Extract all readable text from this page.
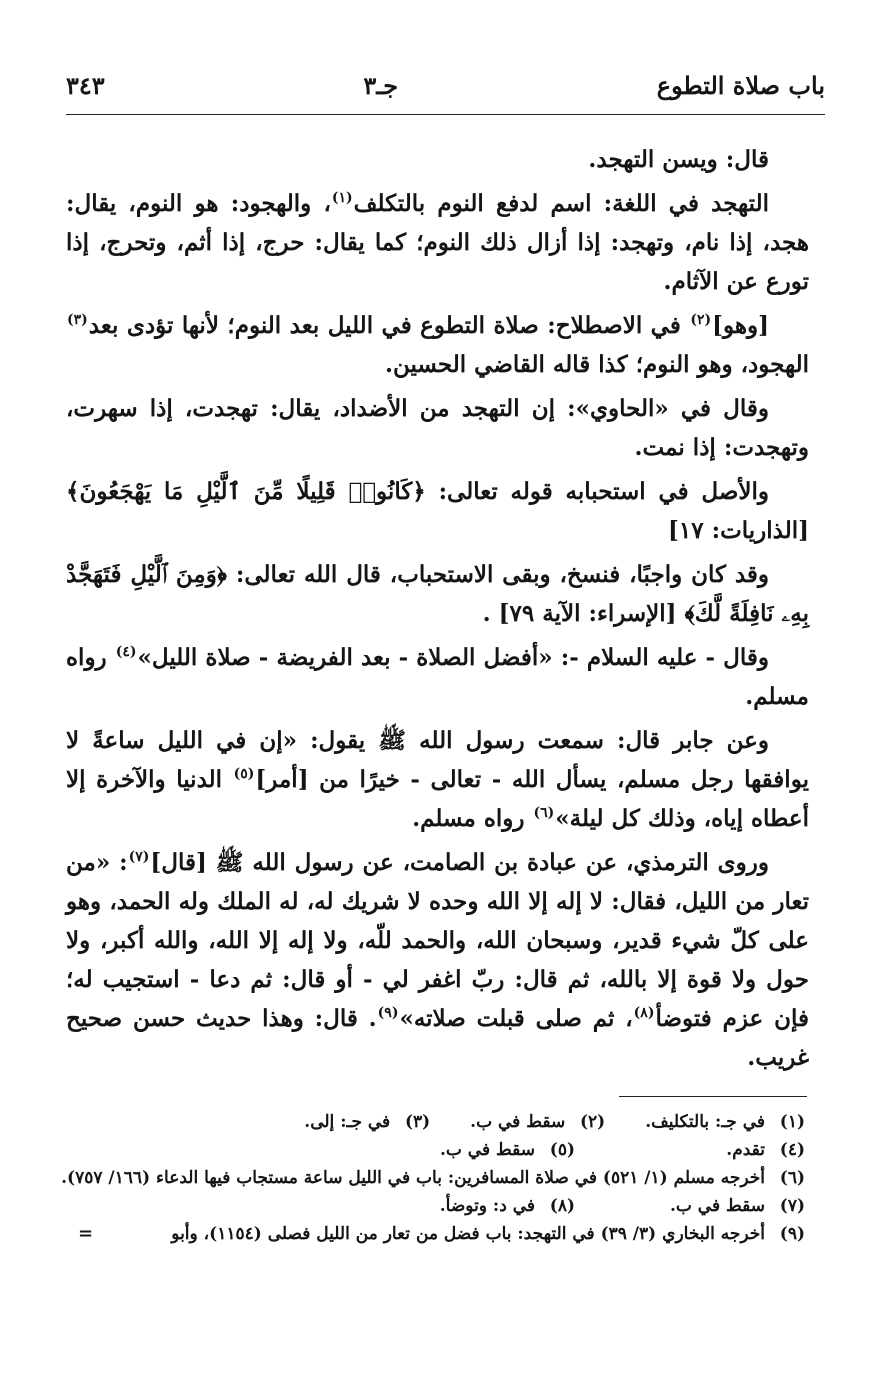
باب صلاة التطوع
جـ٣
٣٤٣

قال: ويسن التهجد.

التهجد في اللغة: اسم لدفع النوم بالتكلف$^{(١)}$، والهجود: هو النوم، يقال: هجد، إذا نام، وتهجد: إذا أزال ذلك النوم؛ كما يقال: حرج، إذا أثم، وتحرج، إذا تورع عن الآثام.

[وهو]$^{(٢)}$ في الاصطلاح: صلاة التطوع في الليل بعد النوم؛ لأنها تؤدى بعد$^{(٣)}$ الهجود، وهو النوم؛ كذا قاله القاضي الحسين.

وقال في «الحاوي»: إن التهجد من الأضداد، يقال: تهجدت، إذا سهرت، وتهجدت: إذا نمت.

والأصل في استحبابه قوله تعالى: ﴿كَانُوا۟ قَلِيلًا مِّنَ ٱلَّيْلِ مَا يَهْجَعُونَ﴾ [الذاريات: ١٧]

وقد كان واجبًا، فنسخ، وبقى الاستحباب، قال الله تعالى: ﴿وَمِنَ ٱلَّيْلِ فَتَهَجَّدْ بِهِۦ نَافِلَةً لَّكَ﴾ [الإسراء: الآية ٧٩] .

وقال - عليه السلام -: «أفضل الصلاة - بعد الفريضة - صلاة الليل»$^{(٤)}$ رواه مسلم.

وعن جابر قال: سمعت رسول الله ﷺ يقول: «إن في الليل ساعةً لا يوافقها رجل مسلم، يسأل الله - تعالى - خيرًا من [أمر]$^{(٥)}$ الدنيا والآخرة إلا أعطاه إياه، وذلك كل ليلة»$^{(٦)}$ رواه مسلم.

وروى الترمذي، عن عبادة بن الصامت، عن رسول الله ﷺ [قال]$^{(٧)}$: «من تعار من الليل، فقال: لا إله إلا الله وحده لا شريك له، له الملك وله الحمد، وهو على كلّ شيء قدير، وسبحان الله، والحمد للّه، ولا إله إلا الله، والله أكبر، ولا حول ولا قوة إلا بالله، ثم قال: ربّ اغفر لي - أو قال: ثم دعا - استجيب له؛ فإن عزم فتوضأ$^{(٨)}$، ثم صلى قبلت صلاته»$^{(٩)}$. قال: وهذا حديث حسن صحيح غريب.

(١)
في جـ: بالتكليف.
(٢)
سقط في ب.
(٣)
في جـ: إلى.
(٤)
تقدم.
(٥)
سقط في ب.
(٦)
أخرجه مسلم (١/ ٥٢١) في صلاة المسافرين: باب في الليل ساعة مستجاب فيها الدعاء (١٦٦/ ٧٥٧).
(٧)
سقط في ب.
(٨)
في د: وتوضأ.
(٩)
أخرجه البخاري (٣/ ٣٩) في التهجد: باب فضل من تعار من الليل فصلى (١١٥٤)، وأبو
=
